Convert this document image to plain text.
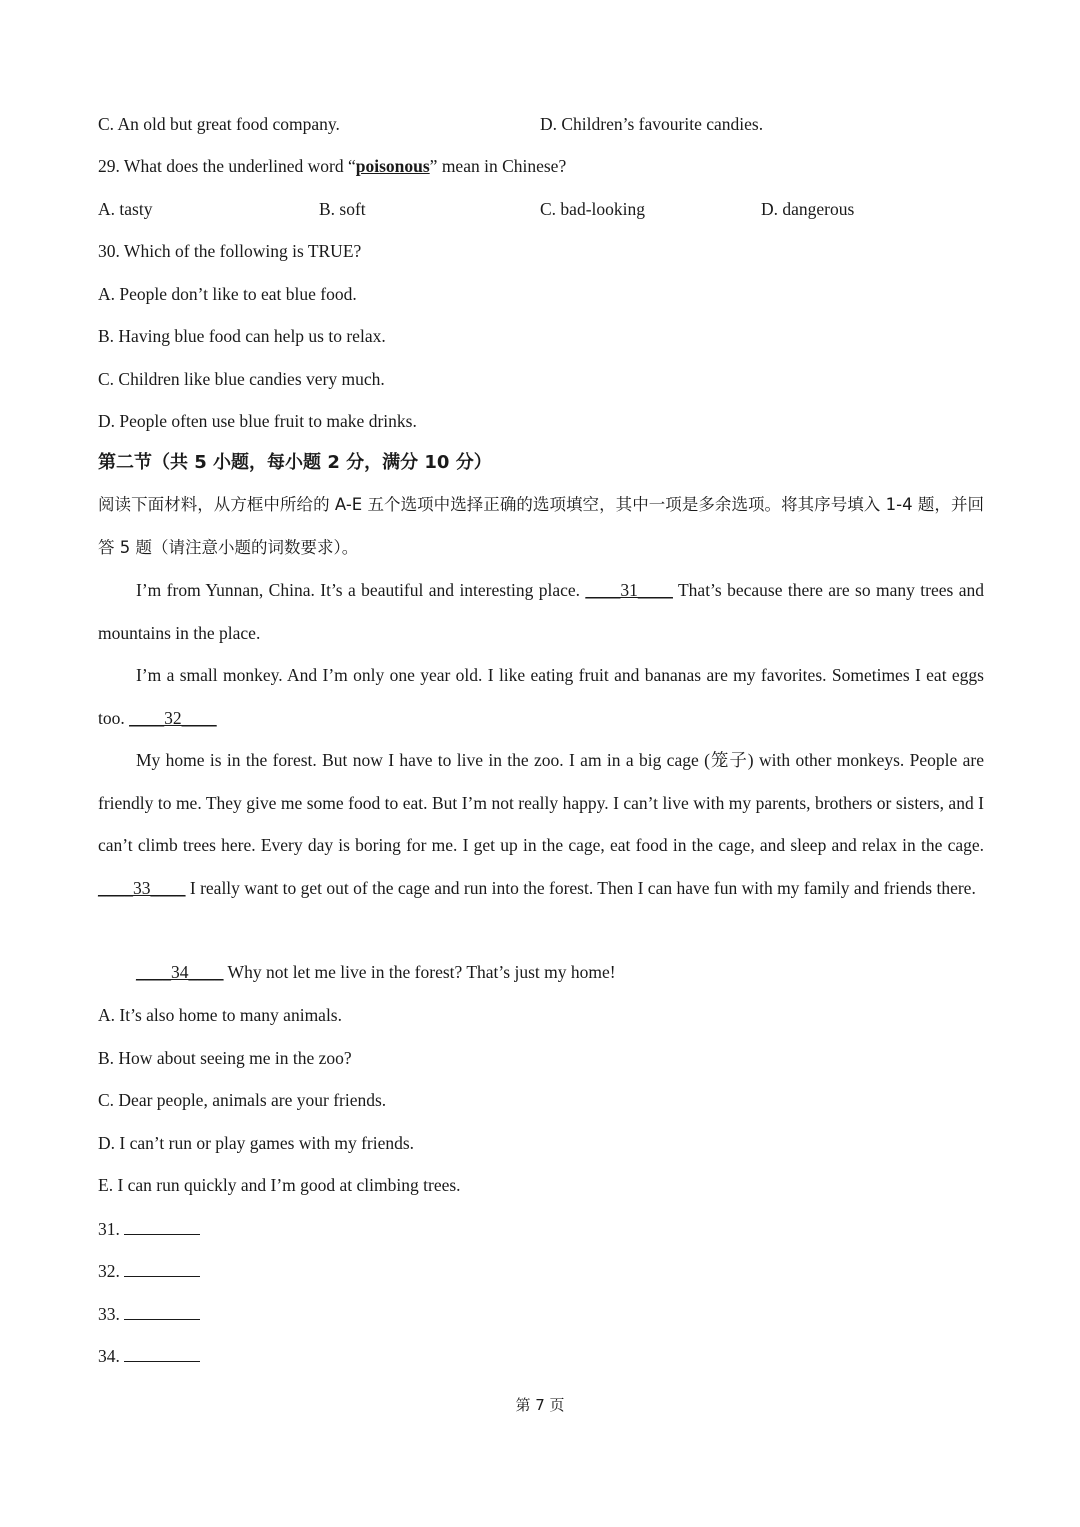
C. An old but great food company.	D. Children’s favourite candies.
29. What does the underlined word “poisonous” mean in Chinese?
A. tasty	B. soft	C. bad-looking	D. dangerous
30. Which of the following is TRUE?
A. People don’t like to eat blue food.
B. Having blue food can help us to relax.
C. Children like blue candies very much.
D. People often use blue fruit to make drinks.
第二节（共 5 小题，每小题 2 分，满分 10 分）
阅读下面材料，从方框中所给的 A-E 五个选项中选择正确的选项填空，其中一项是多余选项。将其序号填入 1-4 题，并回答 5 题（请注意小题的词数要求）。
I’m from Yunnan, China. It’s a beautiful and interesting place. ____31____ That’s because there are so many trees and mountains in the place.
I’m a small monkey. And I’m only one year old. I like eating fruit and bananas are my favorites. Sometimes I eat eggs too. ____32____
My home is in the forest. But now I have to live in the zoo. I am in a big cage (笼子) with other monkeys. People are friendly to me. They give me some food to eat. But I’m not really happy. I can’t live with my parents, brothers or sisters, and I can’t climb trees here. Every day is boring for me. I get up in the cage, eat food in the cage, and sleep and relax in the cage. ____33____ I really want to get out of the cage and run into the forest. Then I can have fun with my family and friends there.
____34____ Why not let me live in the forest? That’s just my home!
A. It’s also home to many animals.
B. How about seeing me in the zoo?
C. Dear people, animals are your friends.
D. I can’t run or play games with my friends.
E. I can run quickly and I’m good at climbing trees.
31.
32.
33.
34.
第 7 页
